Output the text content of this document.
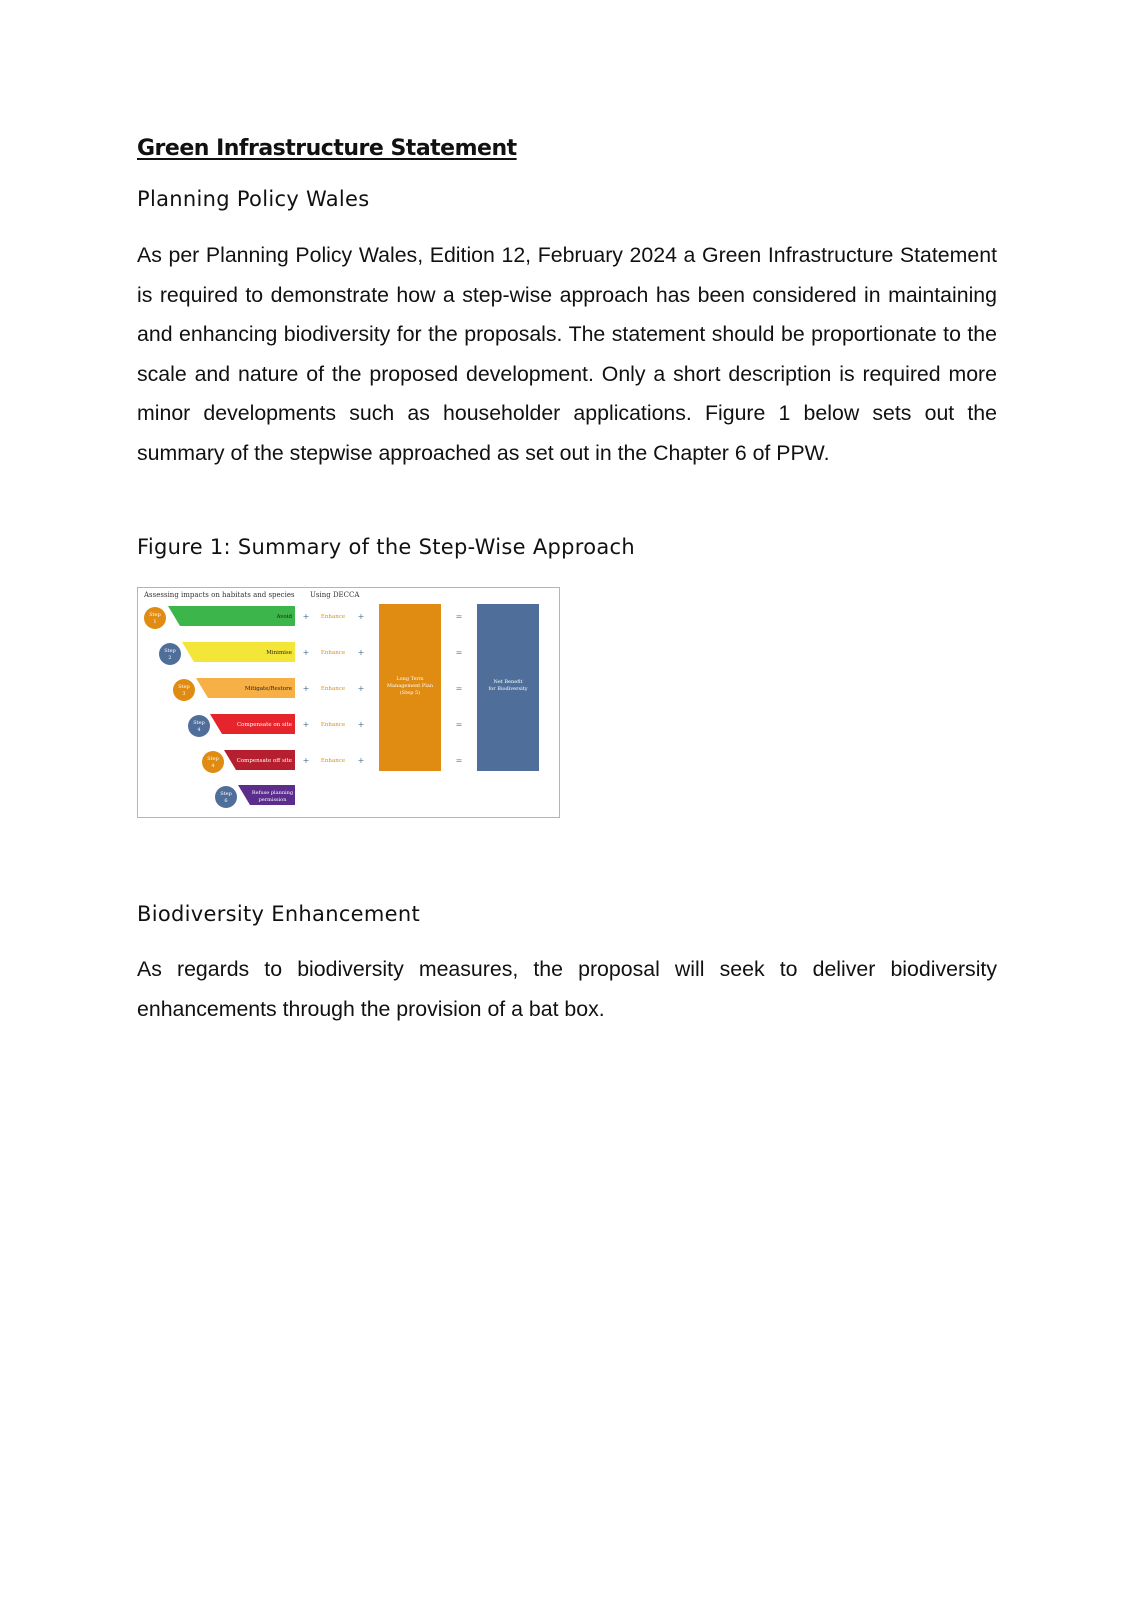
Green Infrastructure Statement
Planning Policy Wales

As per Planning Policy Wales, Edition 12, February 2024 a Green Infrastructure Statement is required to demonstrate how a step-wise approach has been considered in maintaining and enhancing biodiversity for the proposals. The statement should be proportionate to the scale and nature of the proposed development. Only a short description is required more minor developments such as householder applications. Figure 1 below sets out the summary of the stepwise approached as set out in the Chapter 6 of PPW.

Figure 1: Summary of the Step-Wise Approach
Assessing impacts on habitats and species Using DECCA
Step
1
Avoid + Enhance +
Step
2
Minimise + Enhance +
Step
3
Mitigate/Restore + Enhance +
Step
4
Compensate on site + Enhance +
Step
4
Compensate off site + Enhance +
Step
6
Refuse planning
permission
=
=
=
=
=
Long Term
Management Plan
(Step 5)
Net Benefit
for Biodiversity
Biodiversity Enhancement

As regards to biodiversity measures, the proposal will seek to deliver biodiversity enhancements through the provision of a bat box.
